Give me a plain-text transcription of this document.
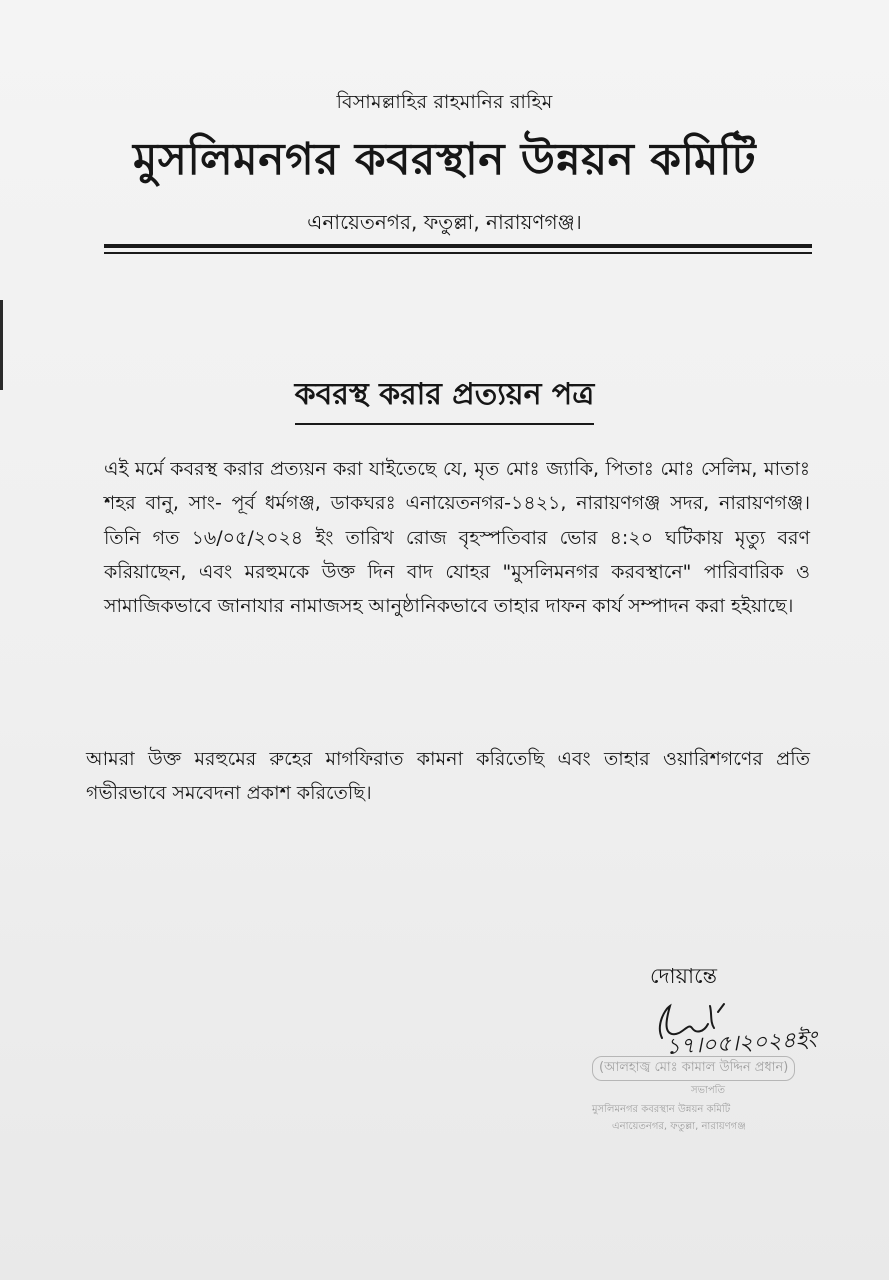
বিসামল্লাহির রাহমানির রাহিম
মুসলিমনগর কবরস্থান উন্নয়ন কমিটি
এনায়েতনগর, ফতুল্লা, নারায়ণগঞ্জ।
কবরস্থ করার প্রত্যয়ন পত্র
এই মর্মে কবরস্থ করার প্রত্যয়ন করা যাইতেছে যে, মৃত মোঃ জ্যাকি, পিতাঃ মোঃ সেলিম, মাতাঃ শহর বানু, সাং- পূর্ব ধর্মগঞ্জ, ডাকঘরঃ এনায়েতনগর-১৪২১, নারায়ণগঞ্জ সদর, নারায়ণগঞ্জ। তিনি গত ১৬/০৫/২০২৪ ইং তারিখ রোজ বৃহস্পতিবার ভোর ৪:২০ ঘটিকায় মৃত্যু বরণ করিয়াছেন, এবং মরহুমকে উক্ত দিন বাদ যোহর "মুসলিমনগর করবস্থানে" পারিবারিক ও সামাজিকভাবে জানাযার নামাজসহ আনুষ্ঠানিকভাবে তাহার দাফন কার্য সম্পাদন করা হইয়াছে।
আমরা উক্ত মরহুমের রুহের মাগফিরাত কামনা করিতেছি এবং তাহার ওয়ারিশগণের প্রতি গভীরভাবে সমবেদনা প্রকাশ করিতেছি।
দোয়ান্তে
১৭।০৫।২০২৪ইং
(আলহাজ্ব মোঃ কামাল উদ্দিন প্রধান)
সভাপতি
মুসলিমনগর কবরস্থান উন্নয়ন কমিটি
এনায়েতনগর, ফতুল্লা, নারায়ণগঞ্জ
